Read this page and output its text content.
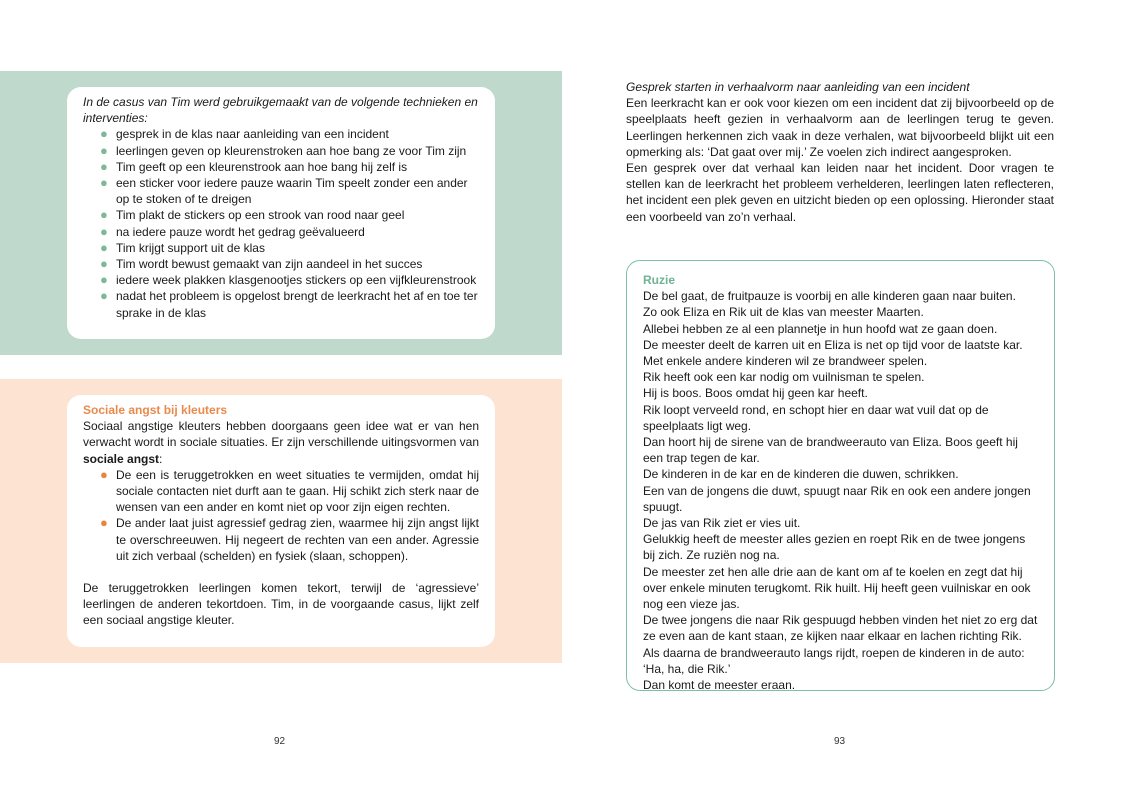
In de casus van Tim werd gebruikgemaakt van de volgende technieken en interventies:

● gesprek in de klas naar aanleiding van een incident
● leerlingen geven op kleurenstroken aan hoe bang ze voor Tim zijn
● Tim geeft op een kleurenstrook aan hoe bang hij zelf is
● een sticker voor iedere pauze waarin Tim speelt zonder een ander op te stoken of te dreigen
● Tim plakt de stickers op een strook van rood naar geel
● na iedere pauze wordt het gedrag geëvalueerd
● Tim krijgt support uit de klas
● Tim wordt bewust gemaakt van zijn aandeel in het succes
● iedere week plakken klasgenootjes stickers op een vijfkleurenstrook
● nadat het probleem is opgelost brengt de leerkracht het af en toe ter sprake in de klas

Sociale angst bij kleuters

Sociaal angstige kleuters hebben doorgaans geen idee wat er van hen verwacht wordt in sociale situaties. Er zijn verschillende uitingsvormen van sociale angst:

● De een is teruggetrokken en weet situaties te vermijden, omdat hij sociale contacten niet durft aan te gaan. Hij schikt zich sterk naar de wensen van een ander en komt niet op voor zijn eigen rechten.
● De ander laat juist agressief gedrag zien, waarmee hij zijn angst lijkt te overschreeuwen. Hij negeert de rechten van een ander. Agressie uit zich verbaal (schelden) en fysiek (slaan, schoppen).

De teruggetrokken leerlingen komen tekort, terwijl de ‘agressieve’ leerlingen de anderen tekortdoen. Tim, in de voorgaande casus, lijkt zelf een sociaal angstige kleuter.

92

Gesprek starten in verhaalvorm naar aanleiding van een incident

Een leerkracht kan er ook voor kiezen om een incident dat zij bijvoorbeeld op de speelplaats heeft gezien in verhaalvorm aan de leerlingen terug te geven. Leerlingen herkennen zich vaak in deze verhalen, wat bijvoorbeeld blijkt uit een opmerking als: ‘Dat gaat over mij.’ Ze voelen zich indirect aangesproken.

Een gesprek over dat verhaal kan leiden naar het incident. Door vragen te stellen kan de leerkracht het probleem verhelderen, leerlingen laten reflecteren, het incident een plek geven en uitzicht bieden op een oplossing. Hieronder staat een voorbeeld van zo’n verhaal.

Ruzie

De bel gaat, de fruitpauze is voorbij en alle kinderen gaan naar buiten.

Zo ook Eliza en Rik uit de klas van meester Maarten.

Allebei hebben ze al een plannetje in hun hoofd wat ze gaan doen.

De meester deelt de karren uit en Eliza is net op tijd voor de laatste kar.

Met enkele andere kinderen wil ze brandweer spelen.

Rik heeft ook een kar nodig om vuilnisman te spelen.

Hij is boos. Boos omdat hij geen kar heeft.

Rik loopt verveeld rond, en schopt hier en daar wat vuil dat op de speelplaats ligt weg.

Dan hoort hij de sirene van de brandweerauto van Eliza. Boos geeft hij een trap tegen de kar.

De kinderen in de kar en de kinderen die duwen, schrikken.

Een van de jongens die duwt, spuugt naar Rik en ook een andere jongen spuugt.

De jas van Rik ziet er vies uit.

Gelukkig heeft de meester alles gezien en roept Rik en de twee jongens bij zich. Ze ruziën nog na.

De meester zet hen alle drie aan de kant om af te koelen en zegt dat hij over enkele minuten terugkomt. Rik huilt. Hij heeft geen vuilniskar en ook nog een vieze jas.

De twee jongens die naar Rik gespuugd hebben vinden het niet zo erg dat ze even aan de kant staan, ze kijken naar elkaar en lachen richting Rik. Als daarna de brandweerauto langs rijdt, roepen de kinderen in de auto: ‘Ha, ha, die Rik.’

Dan komt de meester eraan.

93
